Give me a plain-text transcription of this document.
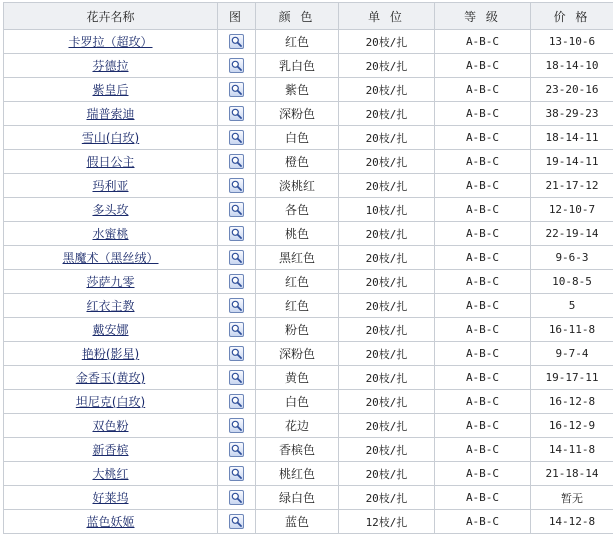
花卉名称	图	颜 色	单 位	等 级	价 格
卡罗拉（超玫）		红色	20枝/扎	A-B-C	13-10-6
芬德拉		乳白色	20枝/扎	A-B-C	18-14-10
紫皇后		紫色	20枝/扎	A-B-C	23-20-16
瑞普索迪		深粉色	20枝/扎	A-B-C	38-29-23
雪山(白玫)		白色	20枝/扎	A-B-C	18-14-11
假日公主		橙色	20枝/扎	A-B-C	19-14-11
玛利亚		淡桃红	20枝/扎	A-B-C	21-17-12
多头玫		各色	10枝/扎	A-B-C	12-10-7
水蜜桃		桃色	20枝/扎	A-B-C	22-19-14
黑魔术（黑丝绒）		黑红色	20枝/扎	A-B-C	9-6-3
莎萨九零		红色	20枝/扎	A-B-C	10-8-5
红衣主教		红色	20枝/扎	A-B-C	5
戴安娜		粉色	20枝/扎	A-B-C	16-11-8
艳粉(影星)		深粉色	20枝/扎	A-B-C	9-7-4
金香玉(黄玫)		黄色	20枝/扎	A-B-C	19-17-11
坦尼克(白玫)		白色	20枝/扎	A-B-C	16-12-8
双色粉		花边	20枝/扎	A-B-C	16-12-9
新香槟		香槟色	20枝/扎	A-B-C	14-11-8
大桃红		桃红色	20枝/扎	A-B-C	21-18-14
好莱坞		绿白色	20枝/扎	A-B-C	暂无
蓝色妖姬		蓝色	12枝/扎	A-B-C	14-12-8
